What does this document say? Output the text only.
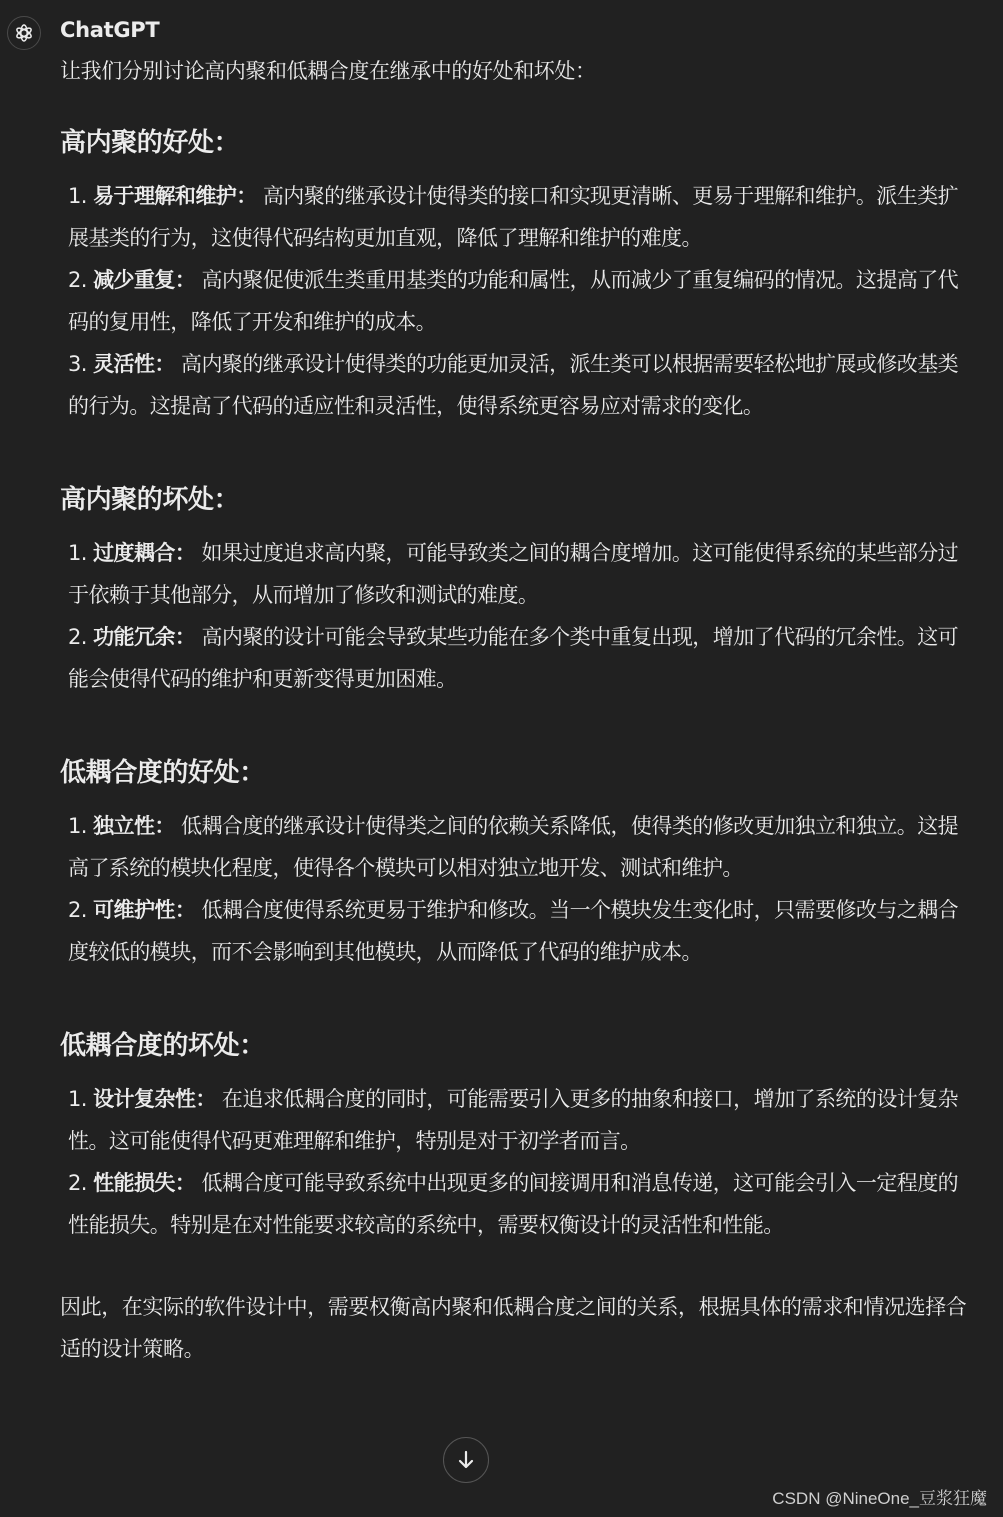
ChatGPT

让我们分别讨论高内聚和低耦合度在继承中的好处和坏处：

高内聚的好处：
1. 易于理解和维护： 高内聚的继承设计使得类的接口和实现更清晰、更易于理解和维护。派生类扩展基类的行为，这使得代码结构更加直观，降低了理解和维护的难度。
2. 减少重复： 高内聚促使派生类重用基类的功能和属性，从而减少了重复编码的情况。这提高了代码的复用性，降低了开发和维护的成本。
3. 灵活性： 高内聚的继承设计使得类的功能更加灵活，派生类可以根据需要轻松地扩展或修改基类的行为。这提高了代码的适应性和灵活性，使得系统更容易应对需求的变化。
高内聚的坏处：
1. 过度耦合： 如果过度追求高内聚，可能导致类之间的耦合度增加。这可能使得系统的某些部分过于依赖于其他部分，从而增加了修改和测试的难度。
2. 功能冗余： 高内聚的设计可能会导致某些功能在多个类中重复出现，增加了代码的冗余性。这可能会使得代码的维护和更新变得更加困难。
低耦合度的好处：
1. 独立性： 低耦合度的继承设计使得类之间的依赖关系降低，使得类的修改更加独立和独立。这提高了系统的模块化程度，使得各个模块可以相对独立地开发、测试和维护。
2. 可维护性： 低耦合度使得系统更易于维护和修改。当一个模块发生变化时，只需要修改与之耦合度较低的模块，而不会影响到其他模块，从而降低了代码的维护成本。
低耦合度的坏处：
1. 设计复杂性： 在追求低耦合度的同时，可能需要引入更多的抽象和接口，增加了系统的设计复杂性。这可能使得代码更难理解和维护，特别是对于初学者而言。
2. 性能损失： 低耦合度可能导致系统中出现更多的间接调用和消息传递，这可能会引入一定程度的性能损失。特别是在对性能要求较高的系统中，需要权衡设计的灵活性和性能。

因此，在实际的软件设计中，需要权衡高内聚和低耦合度之间的关系，根据具体的需求和情况选择合适的设计策略。

CSDN @NineOne_豆浆狂魔
